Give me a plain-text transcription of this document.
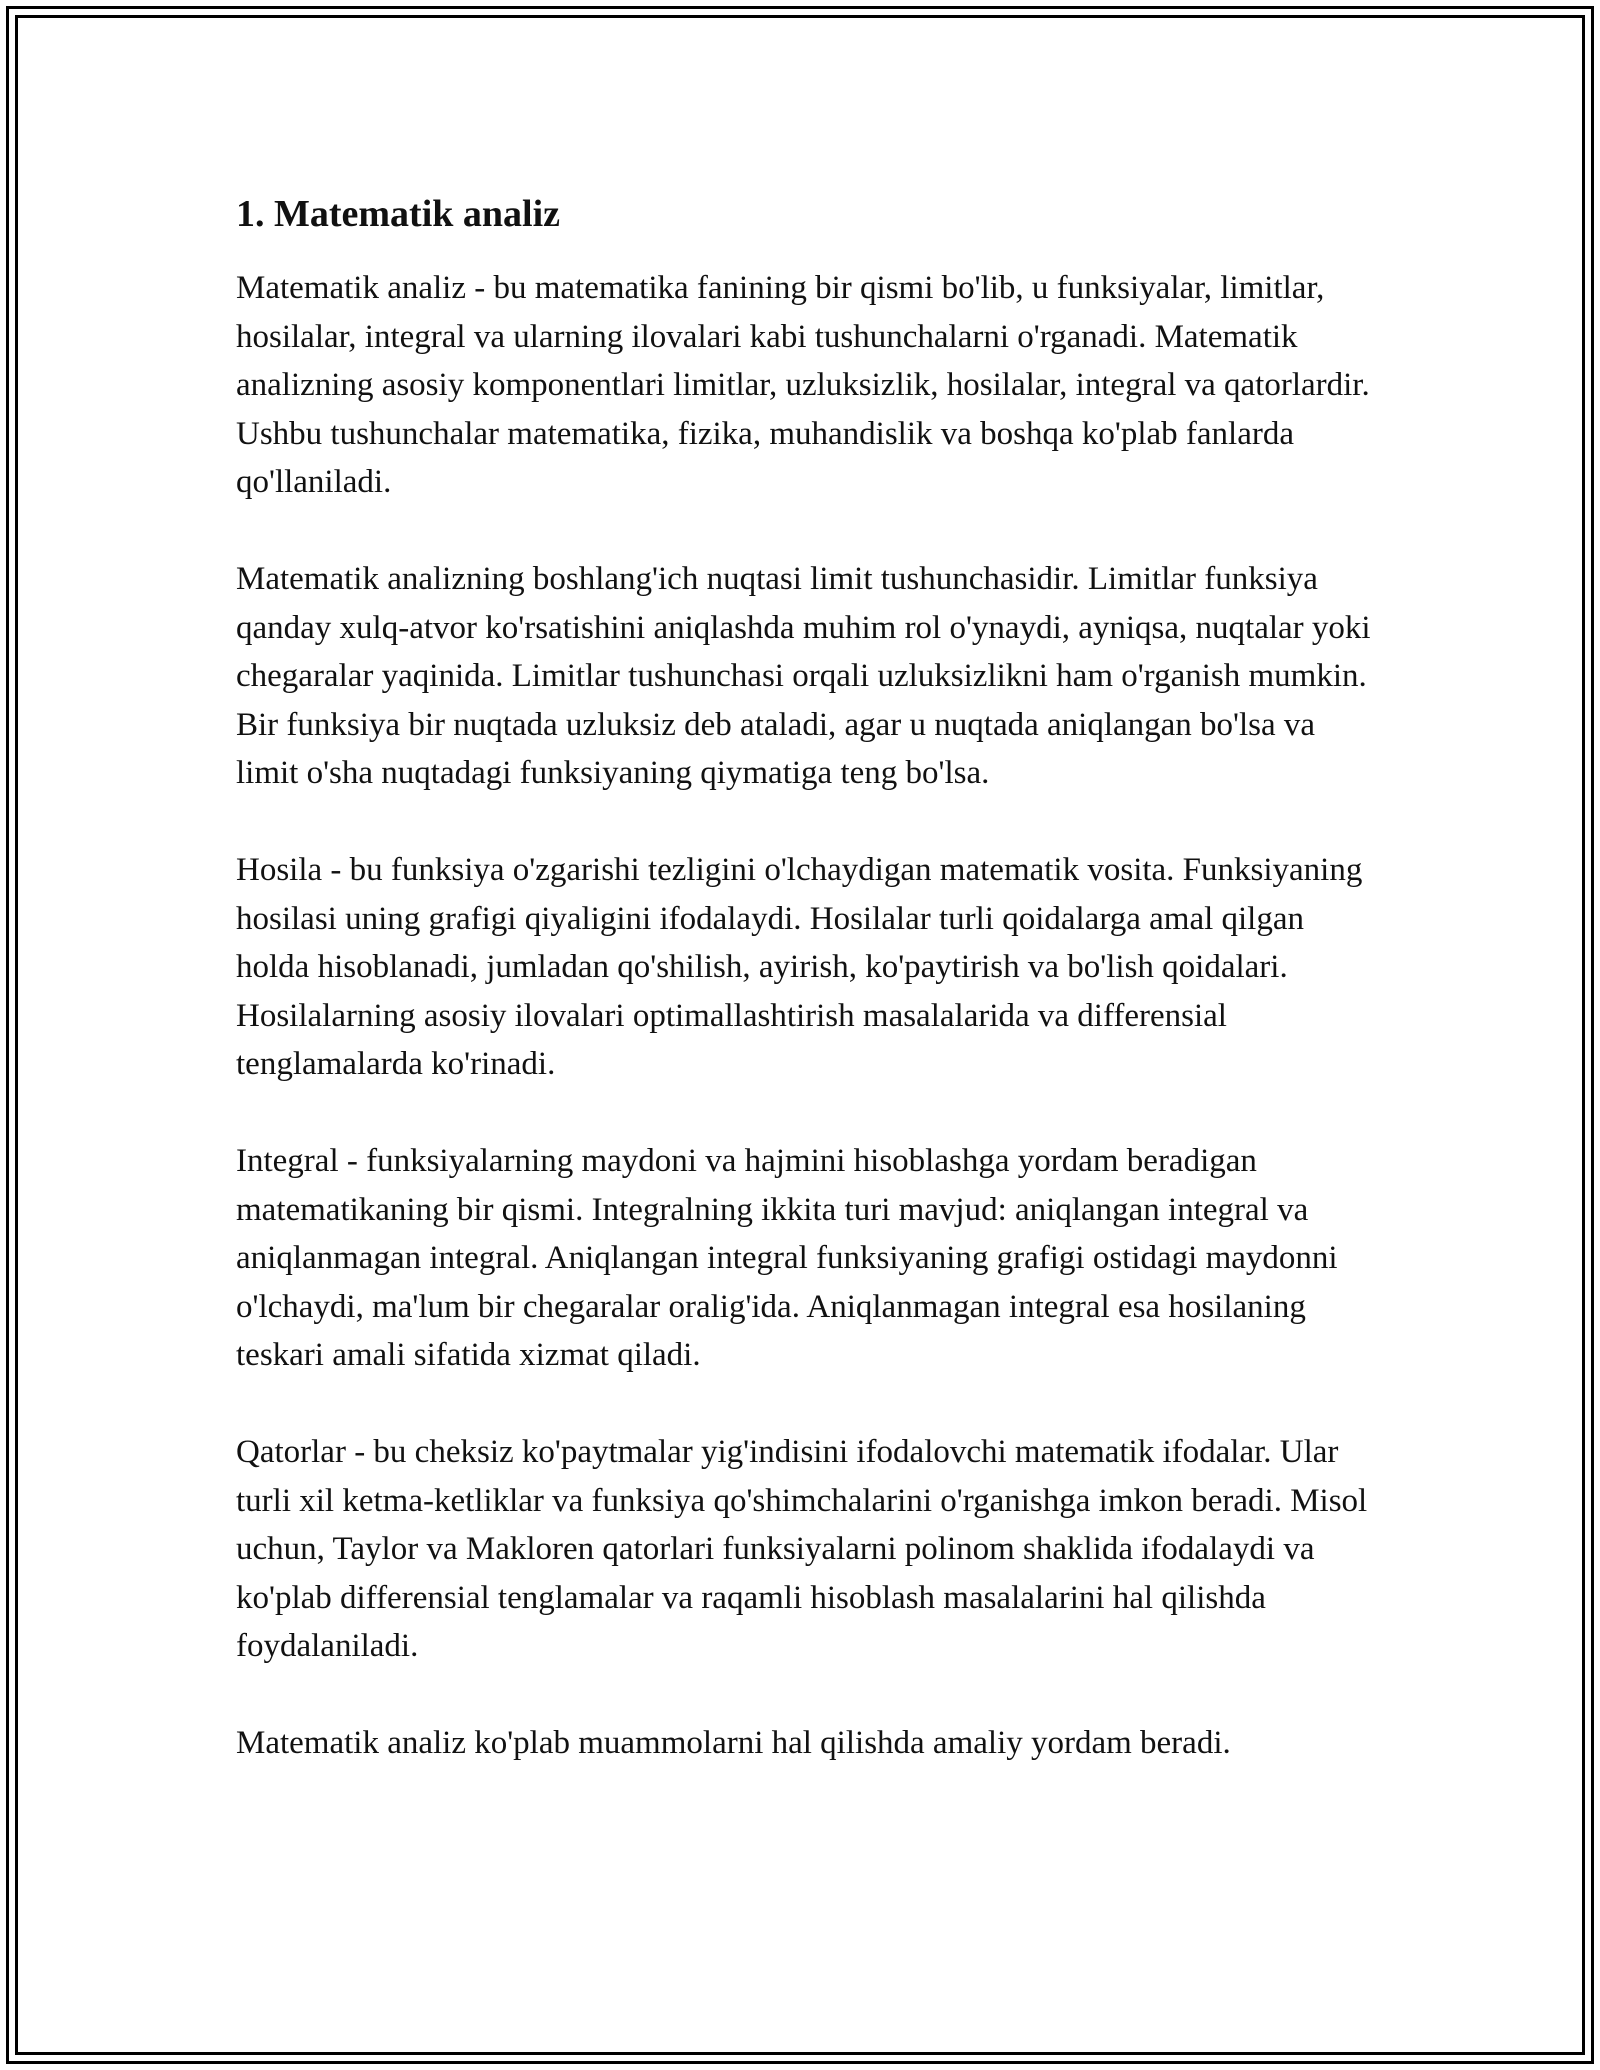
1. Matematik analiz

Matematik analiz - bu matematika fanining bir qismi bo'lib, u funksiyalar, limitlar, hosilalar, integral va ularning ilovalari kabi tushunchalarni o'rganadi. Matematik analizning asosiy komponentlari limitlar, uzluksizlik, hosilalar, integral va qatorlardir. Ushbu tushunchalar matematika, fizika, muhandislik va boshqa ko'plab fanlarda qo'llaniladi.

Matematik analizning boshlang'ich nuqtasi limit tushunchasidir. Limitlar funksiya qanday xulq-atvor ko'rsatishini aniqlashda muhim rol o'ynaydi, ayniqsa, nuqtalar yoki chegaralar yaqinida. Limitlar tushunchasi orqali uzluksizlikni ham o'rganish mumkin. Bir funksiya bir nuqtada uzluksiz deb ataladi, agar u nuqtada aniqlangan bo'lsa va limit o'sha nuqtadagi funksiyaning qiymatiga teng bo'lsa.

Hosila - bu funksiya o'zgarishi tezligini o'lchaydigan matematik vosita. Funksiyaning hosilasi uning grafigi qiyaligini ifodalaydi. Hosilalar turli qoidalarga amal qilgan holda hisoblanadi, jumladan qo'shilish, ayirish, ko'paytirish va bo'lish qoidalari. Hosilalarning asosiy ilovalari optimallashtirish masalalarida va differensial tenglamalarda ko'rinadi.

Integral - funksiyalarning maydoni va hajmini hisoblashga yordam beradigan matematikaning bir qismi. Integralning ikkita turi mavjud: aniqlangan integral va aniqlanmagan integral. Aniqlangan integral funksiyaning grafigi ostidagi maydonni o'lchaydi, ma'lum bir chegaralar oralig'ida. Aniqlanmagan integral esa hosilaning teskari amali sifatida xizmat qiladi.

Qatorlar - bu cheksiz ko'paytmalar yig'indisini ifodalovchi matematik ifodalar. Ular turli xil ketma-ketliklar va funksiya qo'shimchalarini o'rganishga imkon beradi. Misol uchun, Taylor va Makloren qatorlari funksiyalarni polinom shaklida ifodalaydi va ko'plab differensial tenglamalar va raqamli hisoblash masalalarini hal qilishda foydalaniladi.

Matematik analiz ko'plab muammolarni hal qilishda amaliy yordam beradi.
